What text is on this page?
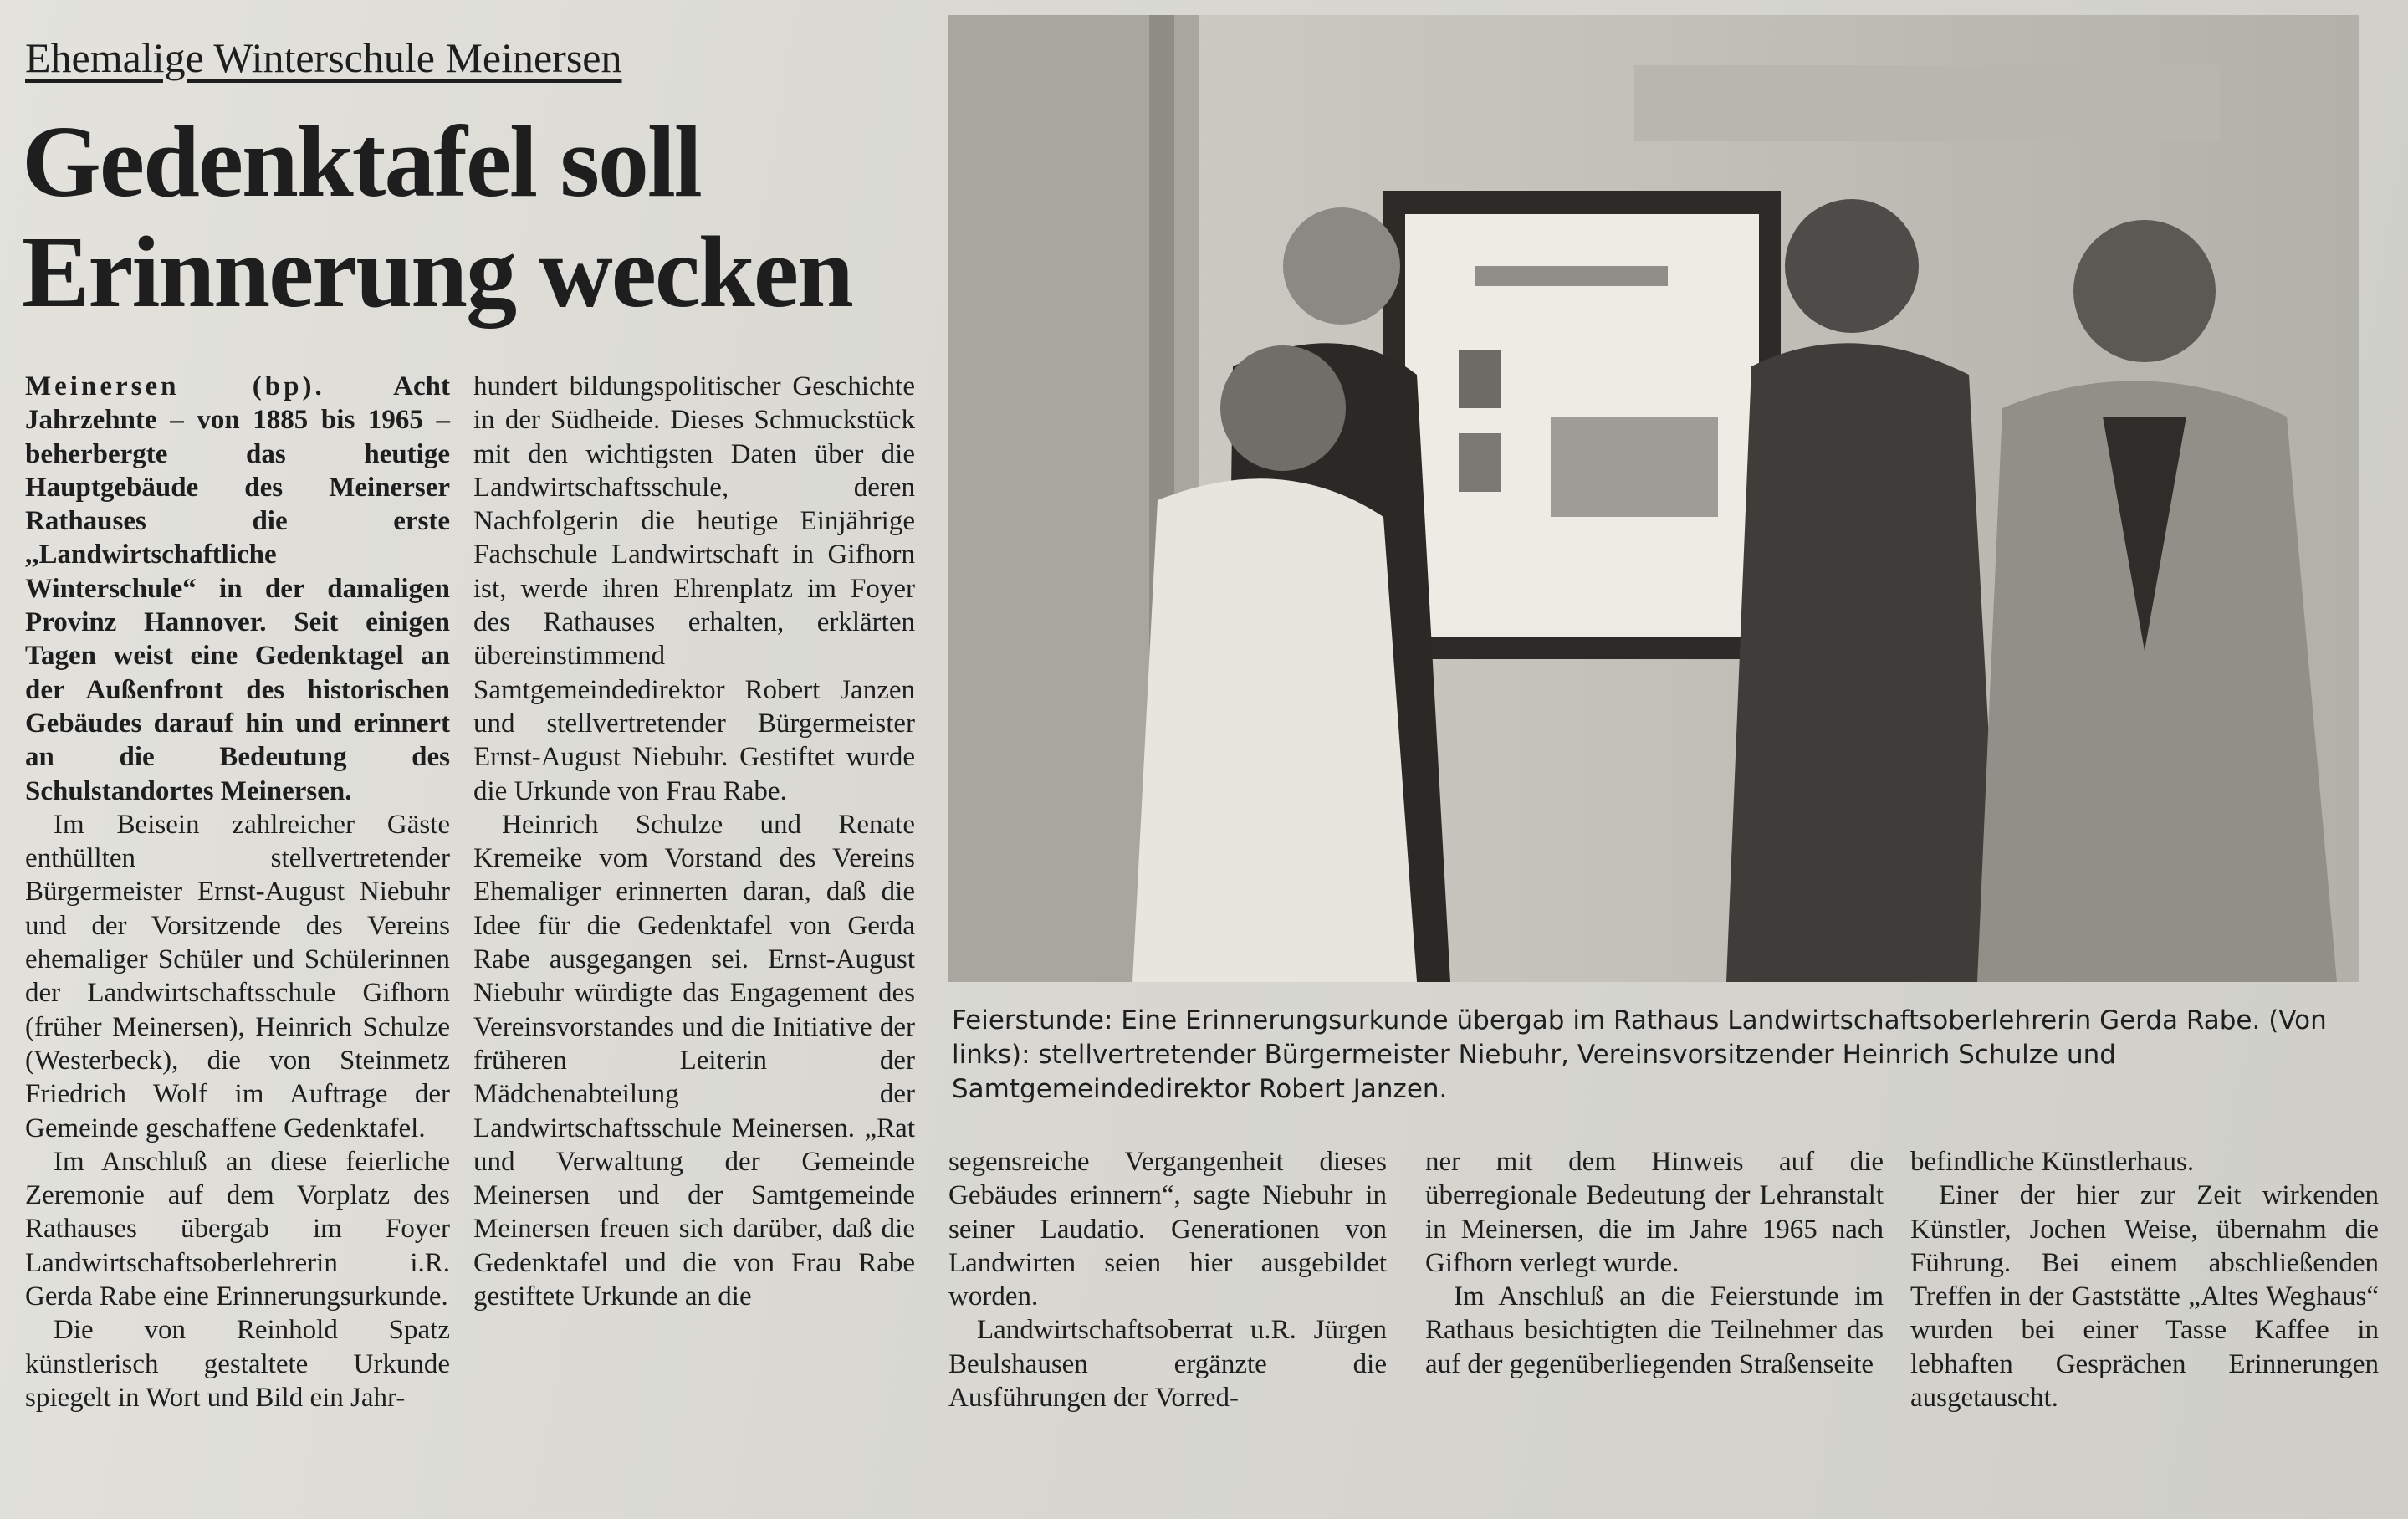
Ehemalige Winterschule Meinersen
Gedenktafel soll
Erinnerung wecken

Meinersen (bp). Acht Jahrzehnte – von 1885 bis 1965 – beherbergte das heutige Hauptgebäude des Meinerser Rathauses die erste ,,Landwirtschaftliche Winterschule“ in der damaligen Provinz Hannover. Seit einigen Tagen weist eine Gedenktagel an der Außenfront des historischen Gebäudes darauf hin und erinnert an die Bedeutung des Schulstandortes Meinersen.

Im Beisein zahlreicher Gäste enthüllten stellvertretender Bürgermeister Ernst-August Niebuhr und der Vorsitzende des Vereins ehemaliger Schüler und Schülerinnen der Landwirtschaftsschule Gifhorn (früher Meinersen), Heinrich Schulze (Westerbeck), die von Steinmetz Friedrich Wolf im Auftrage der Gemeinde geschaffene Gedenktafel.

Im Anschluß an diese feierliche Zeremonie auf dem Vorplatz des Rathauses übergab im Foyer Landwirtschaftsoberlehrerin i.R. Gerda Rabe eine Erinnerungsurkunde.

Die von Reinhold Spatz künstlerisch gestaltete Urkunde spiegelt in Wort und Bild ein Jahr-

hundert bildungspolitischer Geschichte in der Südheide. Dieses Schmuckstück mit den wichtigsten Daten über die Landwirtschaftsschule, deren Nachfolgerin die heutige Einjährige Fachschule Landwirtschaft in Gifhorn ist, werde ihren Ehrenplatz im Foyer des Rathauses erhalten, erklärten übereinstimmend Samtgemeindedirektor Robert Janzen und stellvertretender Bürgermeister Ernst-August Niebuhr. Gestiftet wurde die Urkunde von Frau Rabe.

Heinrich Schulze und Renate Kremeike vom Vorstand des Vereins Ehemaliger erinnerten daran, daß die Idee für die Gedenktafel von Gerda Rabe ausgegangen sei. Ernst-August Niebuhr würdigte das Engagement des Vereinsvorstandes und die Initiative der früheren Leiterin der Mädchenabteilung der Landwirtschaftsschule Meinersen. „Rat und Verwaltung der Gemeinde Meinersen und der Samtgemeinde Meinersen freuen sich darüber, daß die Gedenktafel und die von Frau Rabe gestiftete Urkunde an die

Feierstunde: Eine Erinnerungsurkunde übergab im Rathaus Landwirtschaftsoberlehrerin Gerda Rabe. (Von links): stellvertretender Bürgermeister Niebuhr, Vereinsvorsitzender Heinrich Schulze und Samtgemeindedirektor Robert Janzen.

segensreiche Vergangenheit dieses Gebäudes erinnern“, sagte Niebuhr in seiner Laudatio. Generationen von Landwirten seien hier ausgebildet worden.

Landwirtschaftsoberrat u.R. Jürgen Beulshausen ergänzte die Ausführungen der Vorred-

ner mit dem Hinweis auf die überregionale Bedeutung der Lehranstalt in Meinersen, die im Jahre 1965 nach Gifhorn verlegt wurde.

Im Anschluß an die Feierstunde im Rathaus besichtigten die Teilnehmer das auf der gegenüberliegenden Straßenseite

befindliche Künstlerhaus.

Einer der hier zur Zeit wirkenden Künstler, Jochen Weise, übernahm die Führung. Bei einem abschließenden Treffen in der Gaststätte „Altes Weghaus“ wurden bei einer Tasse Kaffee in lebhaften Gesprächen Erinnerungen ausgetauscht.
